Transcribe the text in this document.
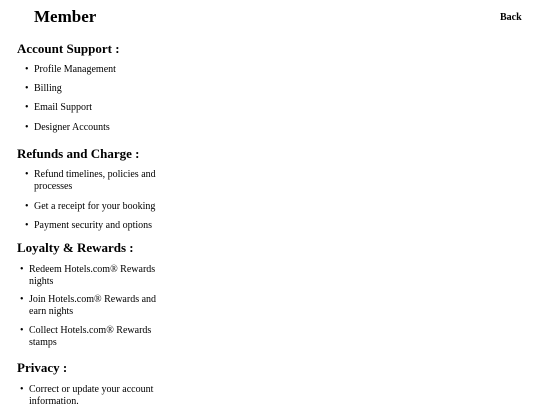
Member	Back
Account Support :
• Profile Management
• Billing
• Email Support
• Designer Accounts
Refunds and Charge :
• Refund timelines, policies and processes
• Get a receipt for your booking
• Payment security and options
Loyalty & Rewards :
• Redeem Hotels.com® Rewards nights
• Join Hotels.com® Rewards and earn nights
• Collect Hotels.com® Rewards stamps
Privacy :
• Correct or update your account information.
